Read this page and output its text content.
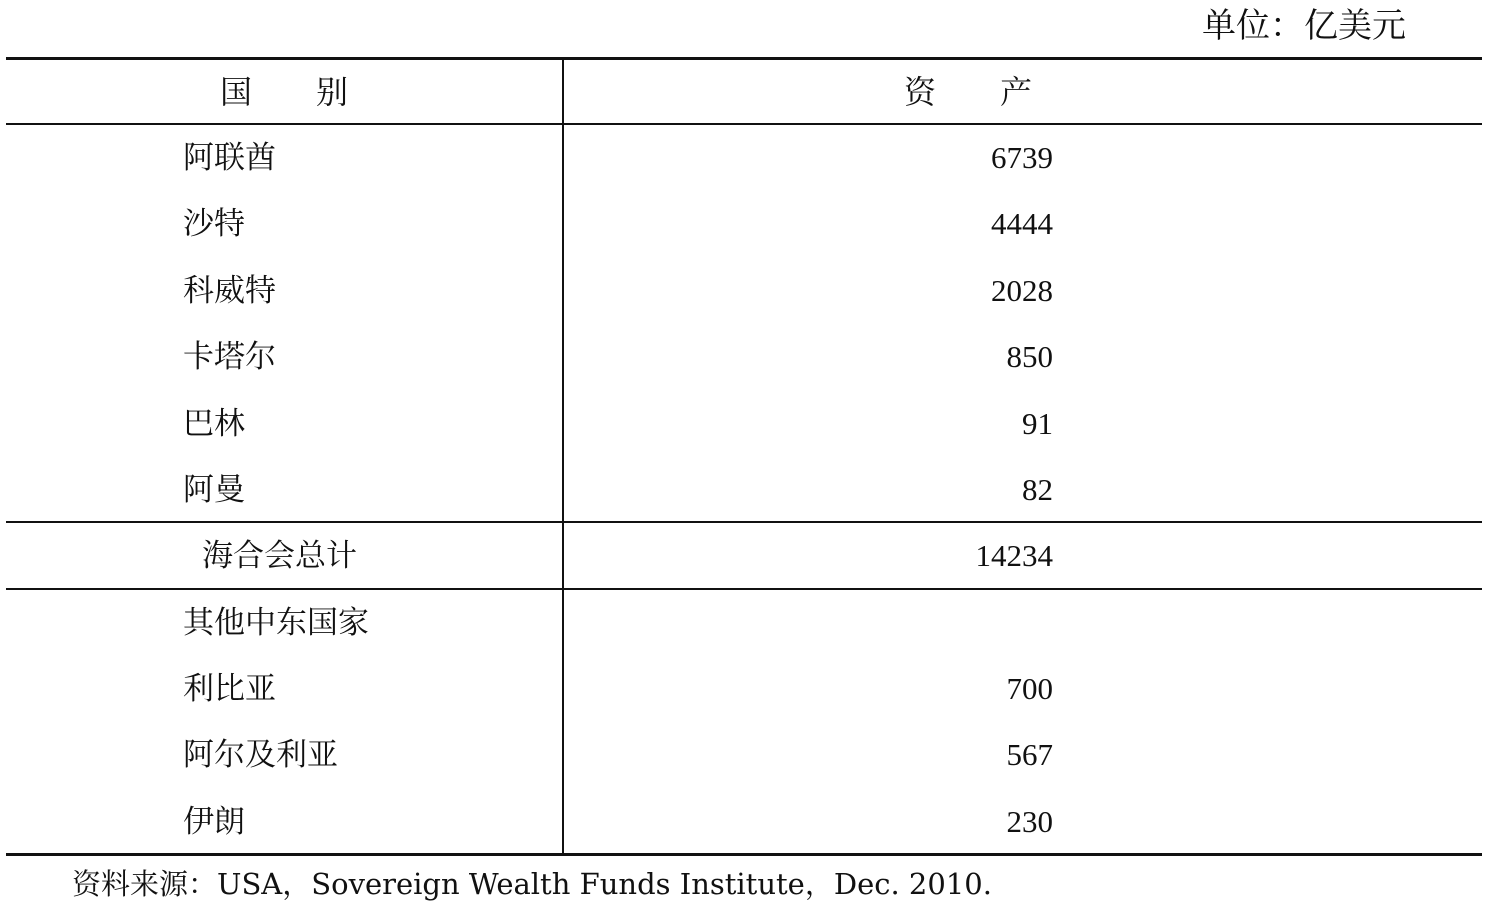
单位：亿美元
国　　别	资　　产
阿联酋	6739
沙特	4444
科威特	2028
卡塔尔	850
巴林	91
阿曼	82
海合会总计	14234
其他中东国家
利比亚	700
阿尔及利亚	567
伊朗	230
资料来源：USA，Sovereign Wealth Funds Institute，Dec. 2010.
